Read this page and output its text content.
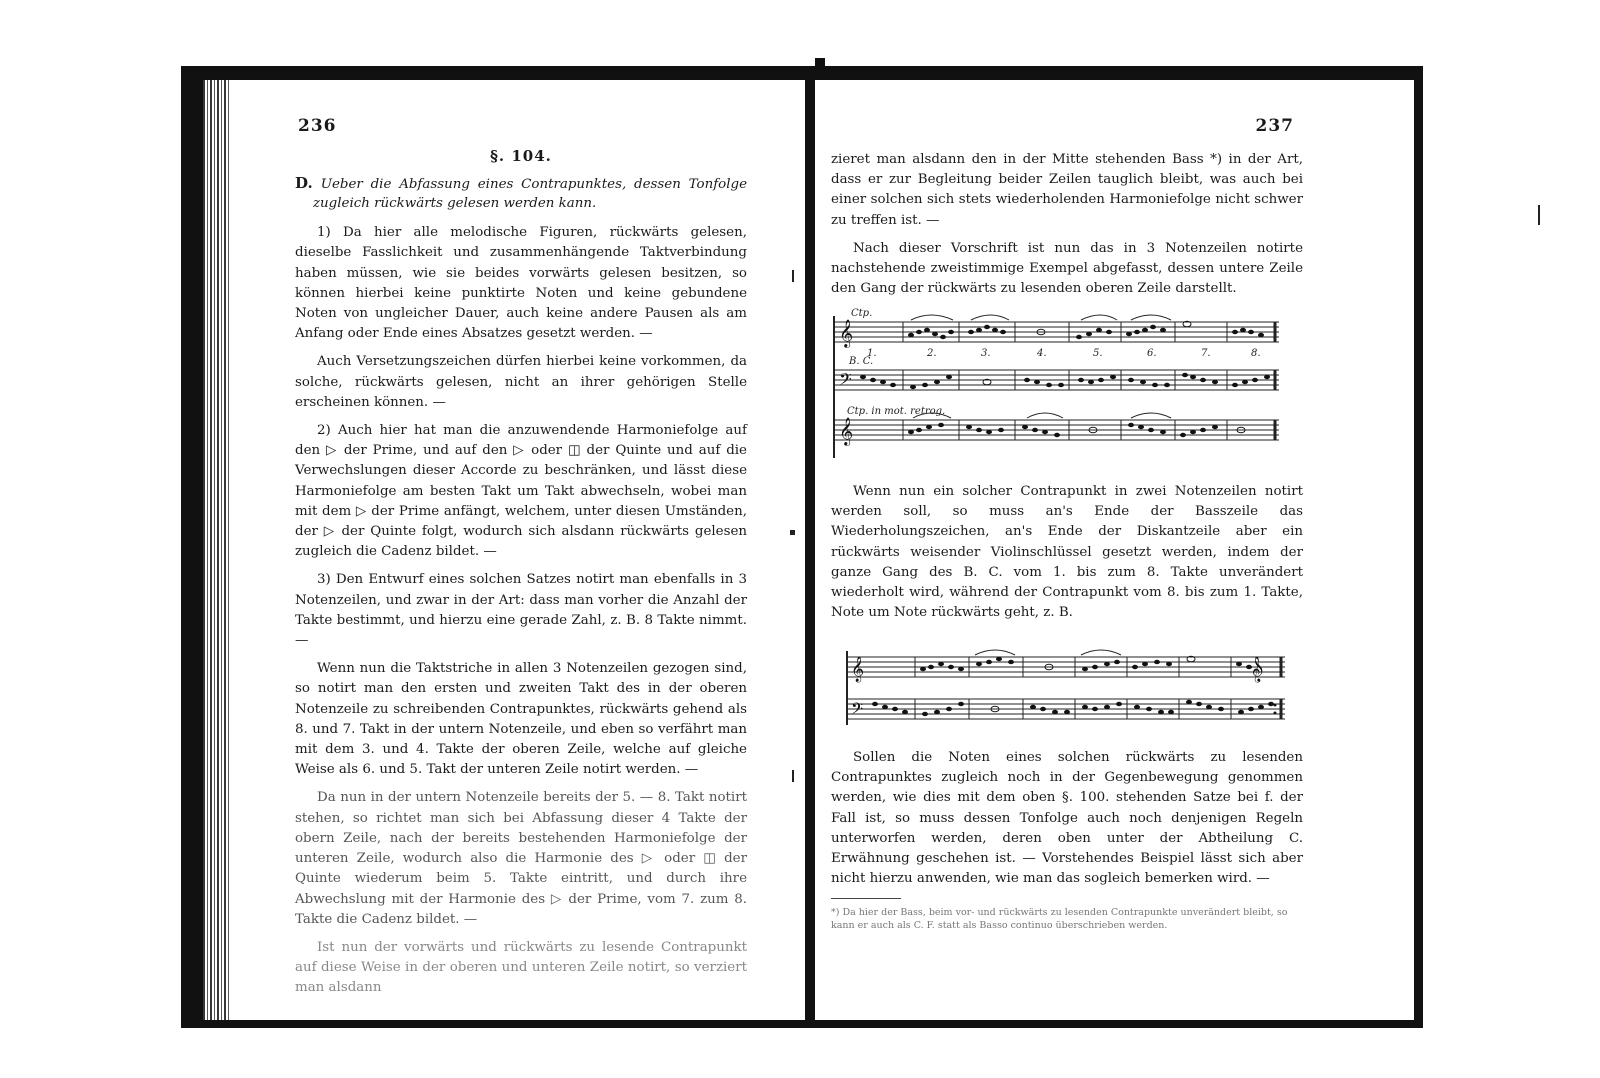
236
§. 104.
D. Ueber die Abfassung eines Contrapunktes, dessen Tonfolge zugleich rückwärts gelesen werden kann.

1) Da hier alle melodische Figuren, rückwärts gelesen, dieselbe Fasslichkeit und zusammenhängende Taktverbindung haben müssen, wie sie beides vorwärts gelesen besitzen, so können hierbei keine punktirte Noten und keine gebundene Noten von ungleicher Dauer, auch keine andere Pausen als am Anfang oder Ende eines Absatzes gesetzt werden. —

Auch Versetzungszeichen dürfen hierbei keine vorkommen, da solche, rückwärts gelesen, nicht an ihrer gehörigen Stelle erscheinen können. —

2) Auch hier hat man die anzuwendende Harmoniefolge auf den ▷ der Prime, und auf den ▷ oder ◫ der Quinte und auf die Verwechslungen dieser Accorde zu beschränken, und lässt diese Harmoniefolge am besten Takt um Takt abwechseln, wobei man mit dem ▷ der Prime anfängt, welchem, unter diesen Umständen, der ▷ der Quinte folgt, wodurch sich alsdann rückwärts gelesen zugleich die Cadenz bildet. —

3) Den Entwurf eines solchen Satzes notirt man ebenfalls in 3 Notenzeilen, und zwar in der Art: dass man vorher die Anzahl der Takte bestimmt, und hierzu eine gerade Zahl, z. B. 8 Takte nimmt. —

Wenn nun die Taktstriche in allen 3 Notenzeilen gezogen sind, so notirt man den ersten und zweiten Takt des in der oberen Notenzeile zu schreibenden Contrapunktes, rückwärts gehend als 8. und 7. Takt in der untern Notenzeile, und eben so verfährt man mit dem 3. und 4. Takte der oberen Zeile, welche auf gleiche Weise als 6. und 5. Takt der unteren Zeile notirt werden. —

Da nun in der untern Notenzeile bereits der 5. — 8. Takt notirt stehen, so richtet man sich bei Abfassung dieser 4 Takte der obern Zeile, nach der bereits bestehenden Harmoniefolge der unteren Zeile, wodurch also die Harmonie des ▷ oder ◫ der Quinte wiederum beim 5. Takte eintritt, und durch ihre Abwechslung mit der Harmonie des ▷ der Prime, vom 7. zum 8. Takte die Cadenz bildet. —

Ist nun der vorwärts und rückwärts zu lesende Contrapunkt auf diese Weise in der oberen und unteren Zeile notirt, so verziert man alsdann

237

zieret man alsdann den in der Mitte stehenden Bass *) in der Art, dass er zur Begleitung beider Zeilen tauglich bleibt, was auch bei einer solchen sich stets wiederholenden Harmoniefolge nicht schwer zu treffen ist. —

Nach dieser Vorschrift ist nun das in 3 Notenzeilen notirte nachstehende zweistimmige Exempel abgefasst, dessen untere Zeile den Gang der rückwärts zu lesenden oberen Zeile darstellt.

𝄞
𝄢
𝄞
Ctp.
B. C.
Ctp. in mot. retrog.
1.	2.	3.	4.	5.	6.	7.	8.

Wenn nun ein solcher Contrapunkt in zwei Notenzeilen notirt werden soll, so muss an's Ende der Basszeile das Wiederholungszeichen, an's Ende der Diskantzeile aber ein rückwärts weisender Violinschlüssel gesetzt werden, indem der ganze Gang des B. C. vom 1. bis zum 8. Takte unverändert wiederholt wird, während der Contrapunkt vom 8. bis zum 1. Takte, Note um Note rückwärts geht, z. B.

𝄞
𝄢
𝄞

Sollen die Noten eines solchen rückwärts zu lesenden Contrapunktes zugleich noch in der Gegenbewegung genommen werden, wie dies mit dem oben §. 100. stehenden Satze bei f. der Fall ist, so muss dessen Tonfolge auch noch denjenigen Regeln unterworfen werden, deren oben unter der Abtheilung C. Erwähnung geschehen ist. — Vorstehendes Beispiel lässt sich aber nicht hierzu anwenden, wie man das sogleich bemerken wird. —

*) Da hier der Bass, beim vor- und rückwärts zu lesenden Contrapunkte unverändert bleibt, so kann er auch als C. F. statt als Basso continuo überschrieben werden.
